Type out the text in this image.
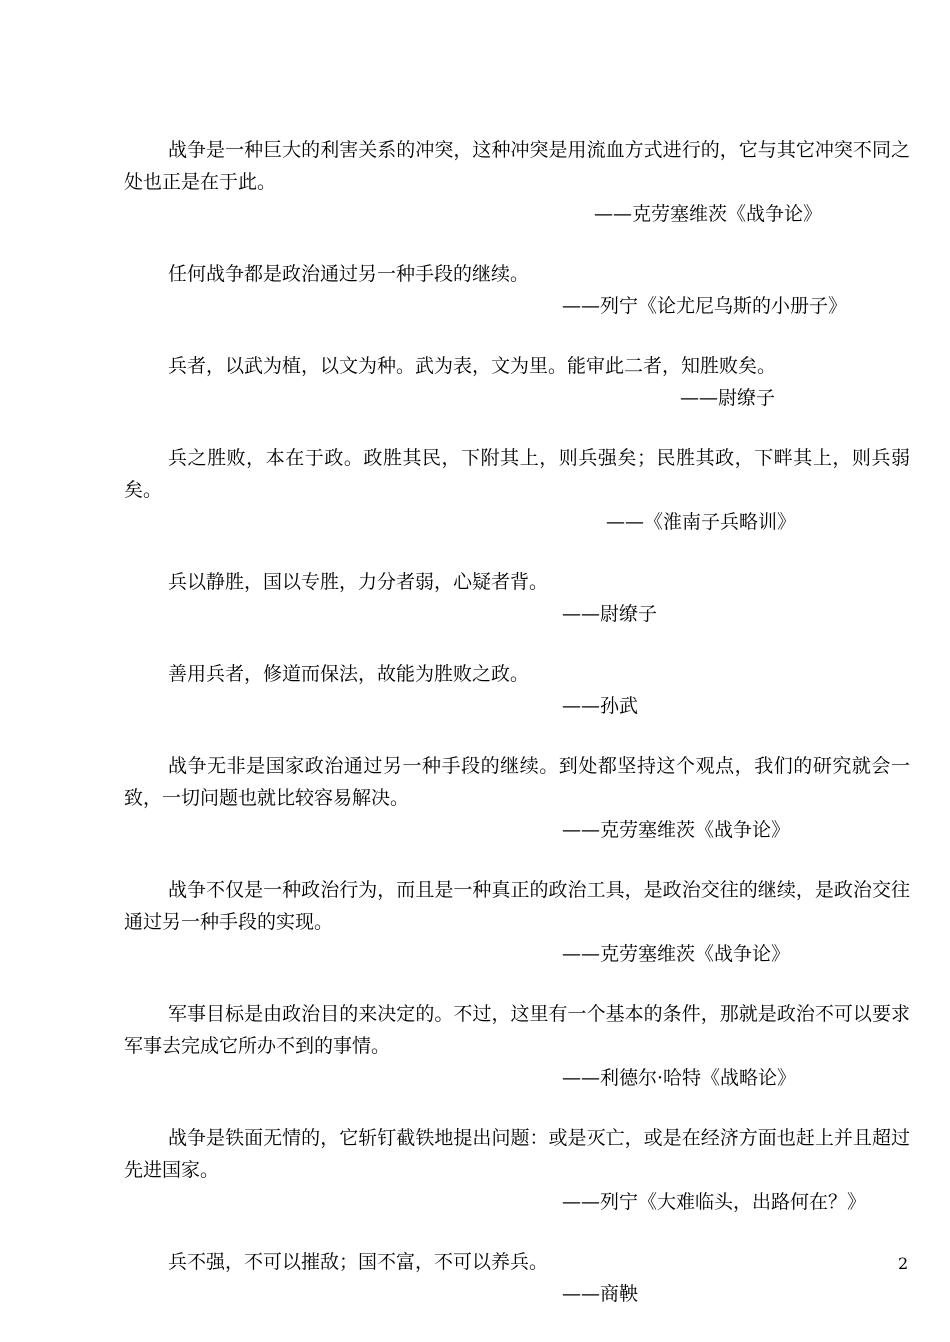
战争是一种巨大的利害关系的冲突，这种冲突是用流血方式进行的，它与其它冲突不同之处也正是在于此。

——克劳塞维茨《战争论》

任何战争都是政治通过另一种手段的继续。

——列宁《论尤尼乌斯的小册子》

兵者，以武为植，以文为种。武为表，文为里。能审此二者，知胜败矣。

——尉缭子

兵之胜败，本在于政。政胜其民，下附其上，则兵强矣；民胜其政，下畔其上，则兵弱矣。

——《淮南子兵略训》

兵以静胜，国以专胜，力分者弱，心疑者背。

——尉缭子

善用兵者，修道而保法，故能为胜败之政。

——孙武

战争无非是国家政治通过另一种手段的继续。到处都坚持这个观点，我们的研究就会一致，一切问题也就比较容易解决。

——克劳塞维茨《战争论》

战争不仅是一种政治行为，而且是一种真正的政治工具，是政治交往的继续，是政治交往通过另一种手段的实现。

——克劳塞维茨《战争论》

军事目标是由政治目的来决定的。不过，这里有一个基本的条件，那就是政治不可以要求军事去完成它所办不到的事情。

——利德尔·哈特《战略论》

战争是铁面无情的，它斩钉截铁地提出问题：或是灭亡，或是在经济方面也赶上并且超过先进国家。

——列宁《大难临头，出路何在？》

兵不强，不可以摧敌；国不富，不可以养兵。

——商鞅

2
